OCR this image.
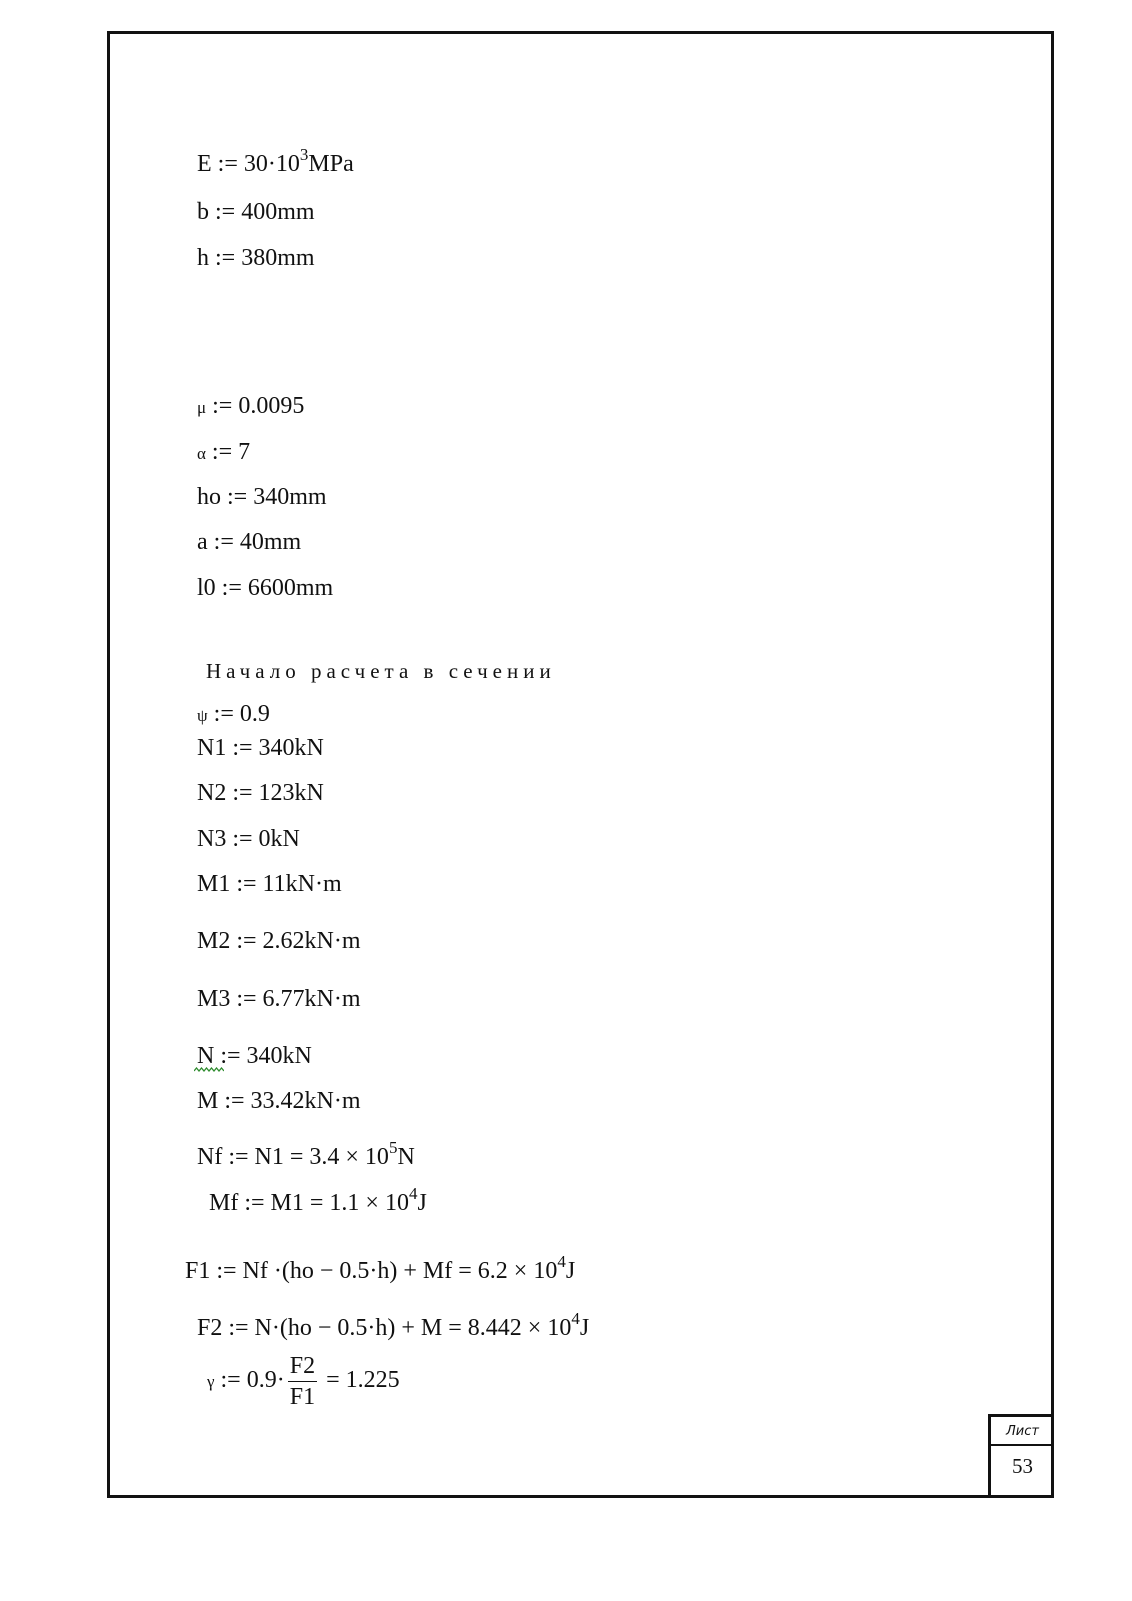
E := $30\cdot 10^3MPa$
b := 400mm
h := 380mm
μ := 0.0095
α := 7
ho := 340mm
a := 40mm
l0 := 6600mm
Начало расчета в сечении
ψ := 0.9
N1 := 340kN
N2 := 123kN
N3 := 0kN
M1 := 11kN·m
M2 := 2.62kN·m
M3 := 6.77kN·m
N := 340kN
M := 33.42kN·m
Nf := $N1 = 3.4 \times 10^5N$
Mf := $M1 = 1.1 \times 10^4J$
F1 := $Nf \cdot(ho - 0.5\cdot h) + Mf = 6.2 \times 10^4J$
F2 := $N\cdot(ho - 0.5\cdot h) + M = 8.442 \times 10^4J$
γ := $0.9\cdot \frac{F2}{F1} = 1.225$
Лист
53
